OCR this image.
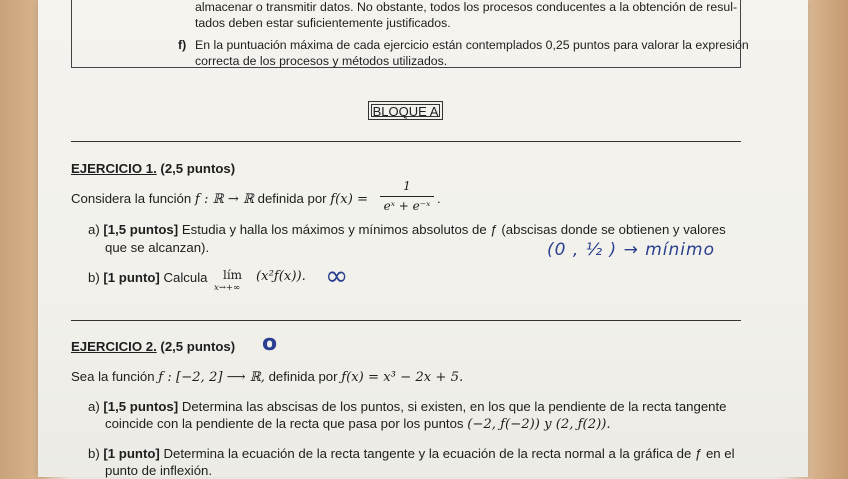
almacenar o transmitir datos. No obstante, todos los procesos conducentes a la obtención de resul-
tados deben estar suficientemente justificados.
f) En la puntuación máxima de cada ejercicio están contemplados 0,25 puntos para valorar la expresión
correcta de los procesos y métodos utilizados.
BLOQUE A
EJERCICIO 1. (2,5 puntos)
Considera la función f : ℝ → ℝ definida por f(x) =
1
eˣ + e⁻ˣ .
a) [1,5 puntos] Estudia y halla los máximos y mínimos absolutos de ƒ (abscisas donde se obtienen y valores
que se alcanzan).	(0 , ½ ) → mínimo
b) [1 punto] Calcula lím
x→+∞
(x²ƒ(x)). ∞
EJERCICIO 2. (2,5 puntos) o
Sea la función ƒ : [−2, 2] ⟶ ℝ, definida por ƒ(x) = x³ − 2x + 5.
a) [1,5 puntos] Determina las abscisas de los puntos, si existen, en los que la pendiente de la recta tangente
coincide con la pendiente de la recta que pasa por los puntos (−2, ƒ(−2)) y (2, ƒ(2)).
b) [1 punto] Determina la ecuación de la recta tangente y la ecuación de la recta normal a la gráfica de ƒ en el
punto de inflexión.
